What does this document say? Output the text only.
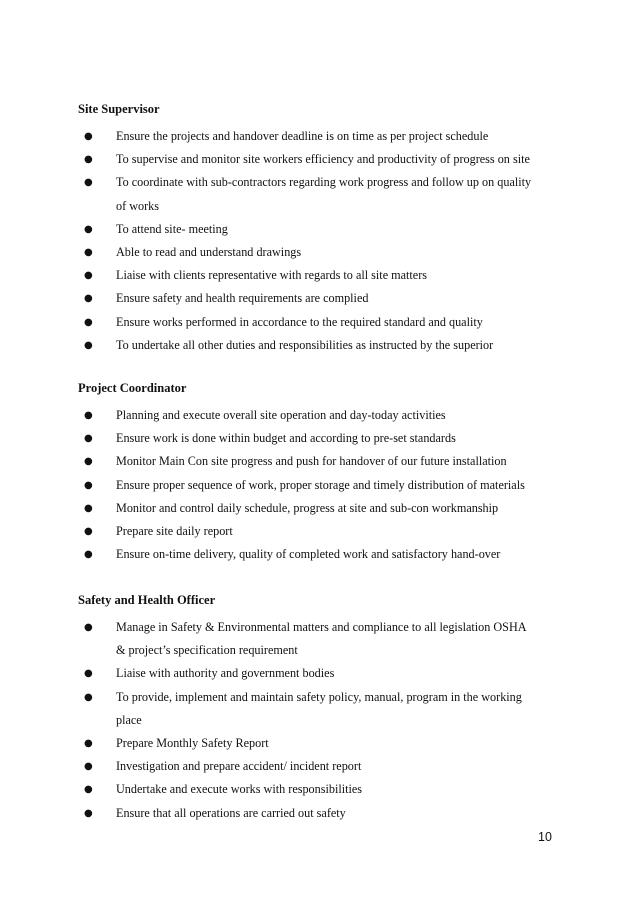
Site Supervisor
● Ensure the projects and handover deadline is on time as per project schedule
● To supervise and monitor site workers efficiency and productivity of progress on site
● To coordinate with sub-contractors regarding work progress and follow up on quality
of works
● To attend site- meeting
● Able to read and understand drawings
● Liaise with clients representative with regards to all site matters
● Ensure safety and health requirements are complied
● Ensure works performed in accordance to the required standard and quality
● To undertake all other duties and responsibilities as instructed by the superior
Project Coordinator
● Planning and execute overall site operation and day-today activities
● Ensure work is done within budget and according to pre-set standards
● Monitor Main Con site progress and push for handover of our future installation
● Ensure proper sequence of work, proper storage and timely distribution of materials
● Monitor and control daily schedule, progress at site and sub-con workmanship
● Prepare site daily report
● Ensure on-time delivery, quality of completed work and satisfactory hand-over
Safety and Health Officer
● Manage in Safety & Environmental matters and compliance to all legislation OSHA
& project’s specification requirement
● Liaise with authority and government bodies
● To provide, implement and maintain safety policy, manual, program in the working
place
● Prepare Monthly Safety Report
● Investigation and prepare accident/ incident report
● Undertake and execute works with responsibilities
● Ensure that all operations are carried out safety
10
